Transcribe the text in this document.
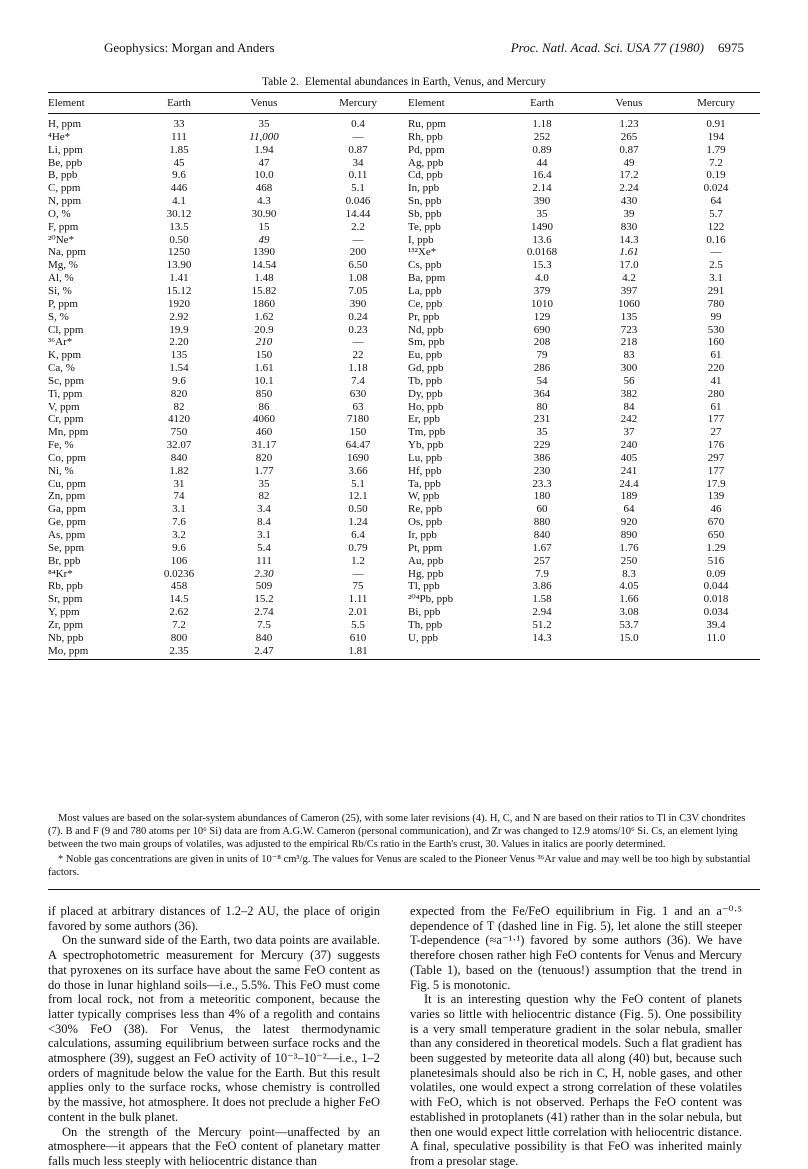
Geophysics: Morgan and Anders	Proc. Natl. Acad. Sci. USA 77 (1980) 6975
Table 2. Elemental abundances in Earth, Venus, and Mercury
Element	Earth	Venus	Mercury	Element	Earth	Venus	Mercury
H, ppm	33	35	0.4	Ru, ppm	1.18	1.23	0.91
⁴He*	111	11,000	—	Rh, ppb	252	265	194
Li, ppm	1.85	1.94	0.87	Pd, ppm	0.89	0.87	1.79
Be, ppb	45	47	34	Ag, ppb	44	49	7.2
B, ppb	9.6	10.0	0.11	Cd, ppb	16.4	17.2	0.19
C, ppm	446	468	5.1	In, ppb	2.14	2.24	0.024
N, ppm	4.1	4.3	0.046	Sn, ppb	390	430	64
O, %	30.12	30.90	14.44	Sb, ppb	35	39	5.7
F, ppm	13.5	15	2.2	Te, ppb	1490	830	122
²⁰Ne*	0.50	49	—	I, ppb	13.6	14.3	0.16
Na, ppm	1250	1390	200	¹³²Xe*	0.0168	1.61	—
Mg, %	13.90	14.54	6.50	Cs, ppb	15.3	17.0	2.5
Al, %	1.41	1.48	1.08	Ba, ppm	4.0	4.2	3.1
Si, %	15.12	15.82	7.05	La, ppb	379	397	291
P, ppm	1920	1860	390	Ce, ppb	1010	1060	780
S, %	2.92	1.62	0.24	Pr, ppb	129	135	99
Cl, ppm	19.9	20.9	0.23	Nd, ppb	690	723	530
³⁶Ar*	2.20	210	—	Sm, ppb	208	218	160
K, ppm	135	150	22	Eu, ppb	79	83	61
Ca, %	1.54	1.61	1.18	Gd, ppb	286	300	220
Sc, ppm	9.6	10.1	7.4	Tb, ppb	54	56	41
Ti, ppm	820	850	630	Dy, ppb	364	382	280
V, ppm	82	86	63	Ho, ppb	80	84	61
Cr, ppm	4120	4060	7180	Er, ppb	231	242	177
Mn, ppm	750	460	150	Tm, ppb	35	37	27
Fe, %	32.07	31.17	64.47	Yb, ppb	229	240	176
Co, ppm	840	820	1690	Lu, ppb	386	405	297
Ni, %	1.82	1.77	3.66	Hf, ppb	230	241	177
Cu, ppm	31	35	5.1	Ta, ppb	23.3	24.4	17.9
Zn, ppm	74	82	12.1	W, ppb	180	189	139
Ga, ppm	3.1	3.4	0.50	Re, ppb	60	64	46
Ge, ppm	7.6	8.4	1.24	Os, ppb	880	920	670
As, ppm	3.2	3.1	6.4	Ir, ppb	840	890	650
Se, ppm	9.6	5.4	0.79	Pt, ppm	1.67	1.76	1.29
Br, ppb	106	111	1.2	Au, ppb	257	250	516
⁸⁴Kr*	0.0236	2.30	—	Hg, ppb	7.9	8.3	0.09
Rb, ppb	458	509	75	Tl, ppb	3.86	4.05	0.044
Sr, ppm	14.5	15.2	1.11	²⁰⁴Pb, ppb	1.58	1.66	0.018
Y, ppm	2.62	2.74	2.01	Bi, ppb	2.94	3.08	0.034
Zr, ppm	7.2	7.5	5.5	Th, ppb	51.2	53.7	39.4
Nb, ppb	800	840	610	U, ppb	14.3	15.0	11.0
Mo, ppm	2.35	2.47	1.81				

Most values are based on the solar-system abundances of Cameron (25), with some later revisions (4). H, C, and N are based on their ratios to Tl in C3V chondrites (7). B and F (9 and 780 atoms per 10⁶ Si) data are from A.G.W. Cameron (personal communication), and Zr was changed to 12.9 atoms/10⁶ Si. Cs, an element lying between the two main groups of volatiles, was adjusted to the empirical Rb/Cs ratio in the Earth's crust, 30. Values in italics are poorly determined.

* Noble gas concentrations are given in units of 10⁻⁸ cm³/g. The values for Venus are scaled to the Pioneer Venus ³⁶Ar value and may well be too high by substantial factors.

if placed at arbitrary distances of 1.2–2 AU, the place of origin favored by some authors (36).

On the sunward side of the Earth, two data points are available. A spectrophotometric measurement for Mercury (37) suggests that pyroxenes on its surface have about the same FeO content as do those in lunar highland soils—i.e., 5.5%. This FeO must come from local rock, not from a meteoritic component, because the latter typically comprises less than 4% of a regolith and contains <30% FeO (38). For Venus, the latest thermodynamic calculations, assuming equilibrium between surface rocks and the atmosphere (39), suggest an FeO activity of 10⁻³–10⁻²—i.e., 1–2 orders of magnitude below the value for the Earth. But this result applies only to the surface rocks, whose chemistry is controlled by the massive, hot atmosphere. It does not preclude a higher FeO content in the bulk planet.

On the strength of the Mercury point—unaffected by an atmosphere—it appears that the FeO content of planetary matter falls much less steeply with heliocentric distance than

expected from the Fe/FeO equilibrium in Fig. 1 and an a⁻⁰·⁵ dependence of T (dashed line in Fig. 5), let alone the still steeper T-dependence (≈a⁻¹·¹) favored by some authors (36). We have therefore chosen rather high FeO contents for Venus and Mercury (Table 1), based on the (tenuous!) assumption that the trend in Fig. 5 is monotonic.

It is an interesting question why the FeO content of planets varies so little with heliocentric distance (Fig. 5). One possibility is a very small temperature gradient in the solar nebula, smaller than any considered in theoretical models. Such a flat gradient has been suggested by meteorite data all along (40) but, because such planetesimals should also be rich in C, H, noble gases, and other volatiles, one would expect a strong correlation of these volatiles with FeO, which is not observed. Perhaps the FeO content was established in protoplanets (41) rather than in the solar nebula, but then one would expect little correlation with heliocentric distance. A final, speculative possibility is that FeO was inherited mainly from a presolar stage.
